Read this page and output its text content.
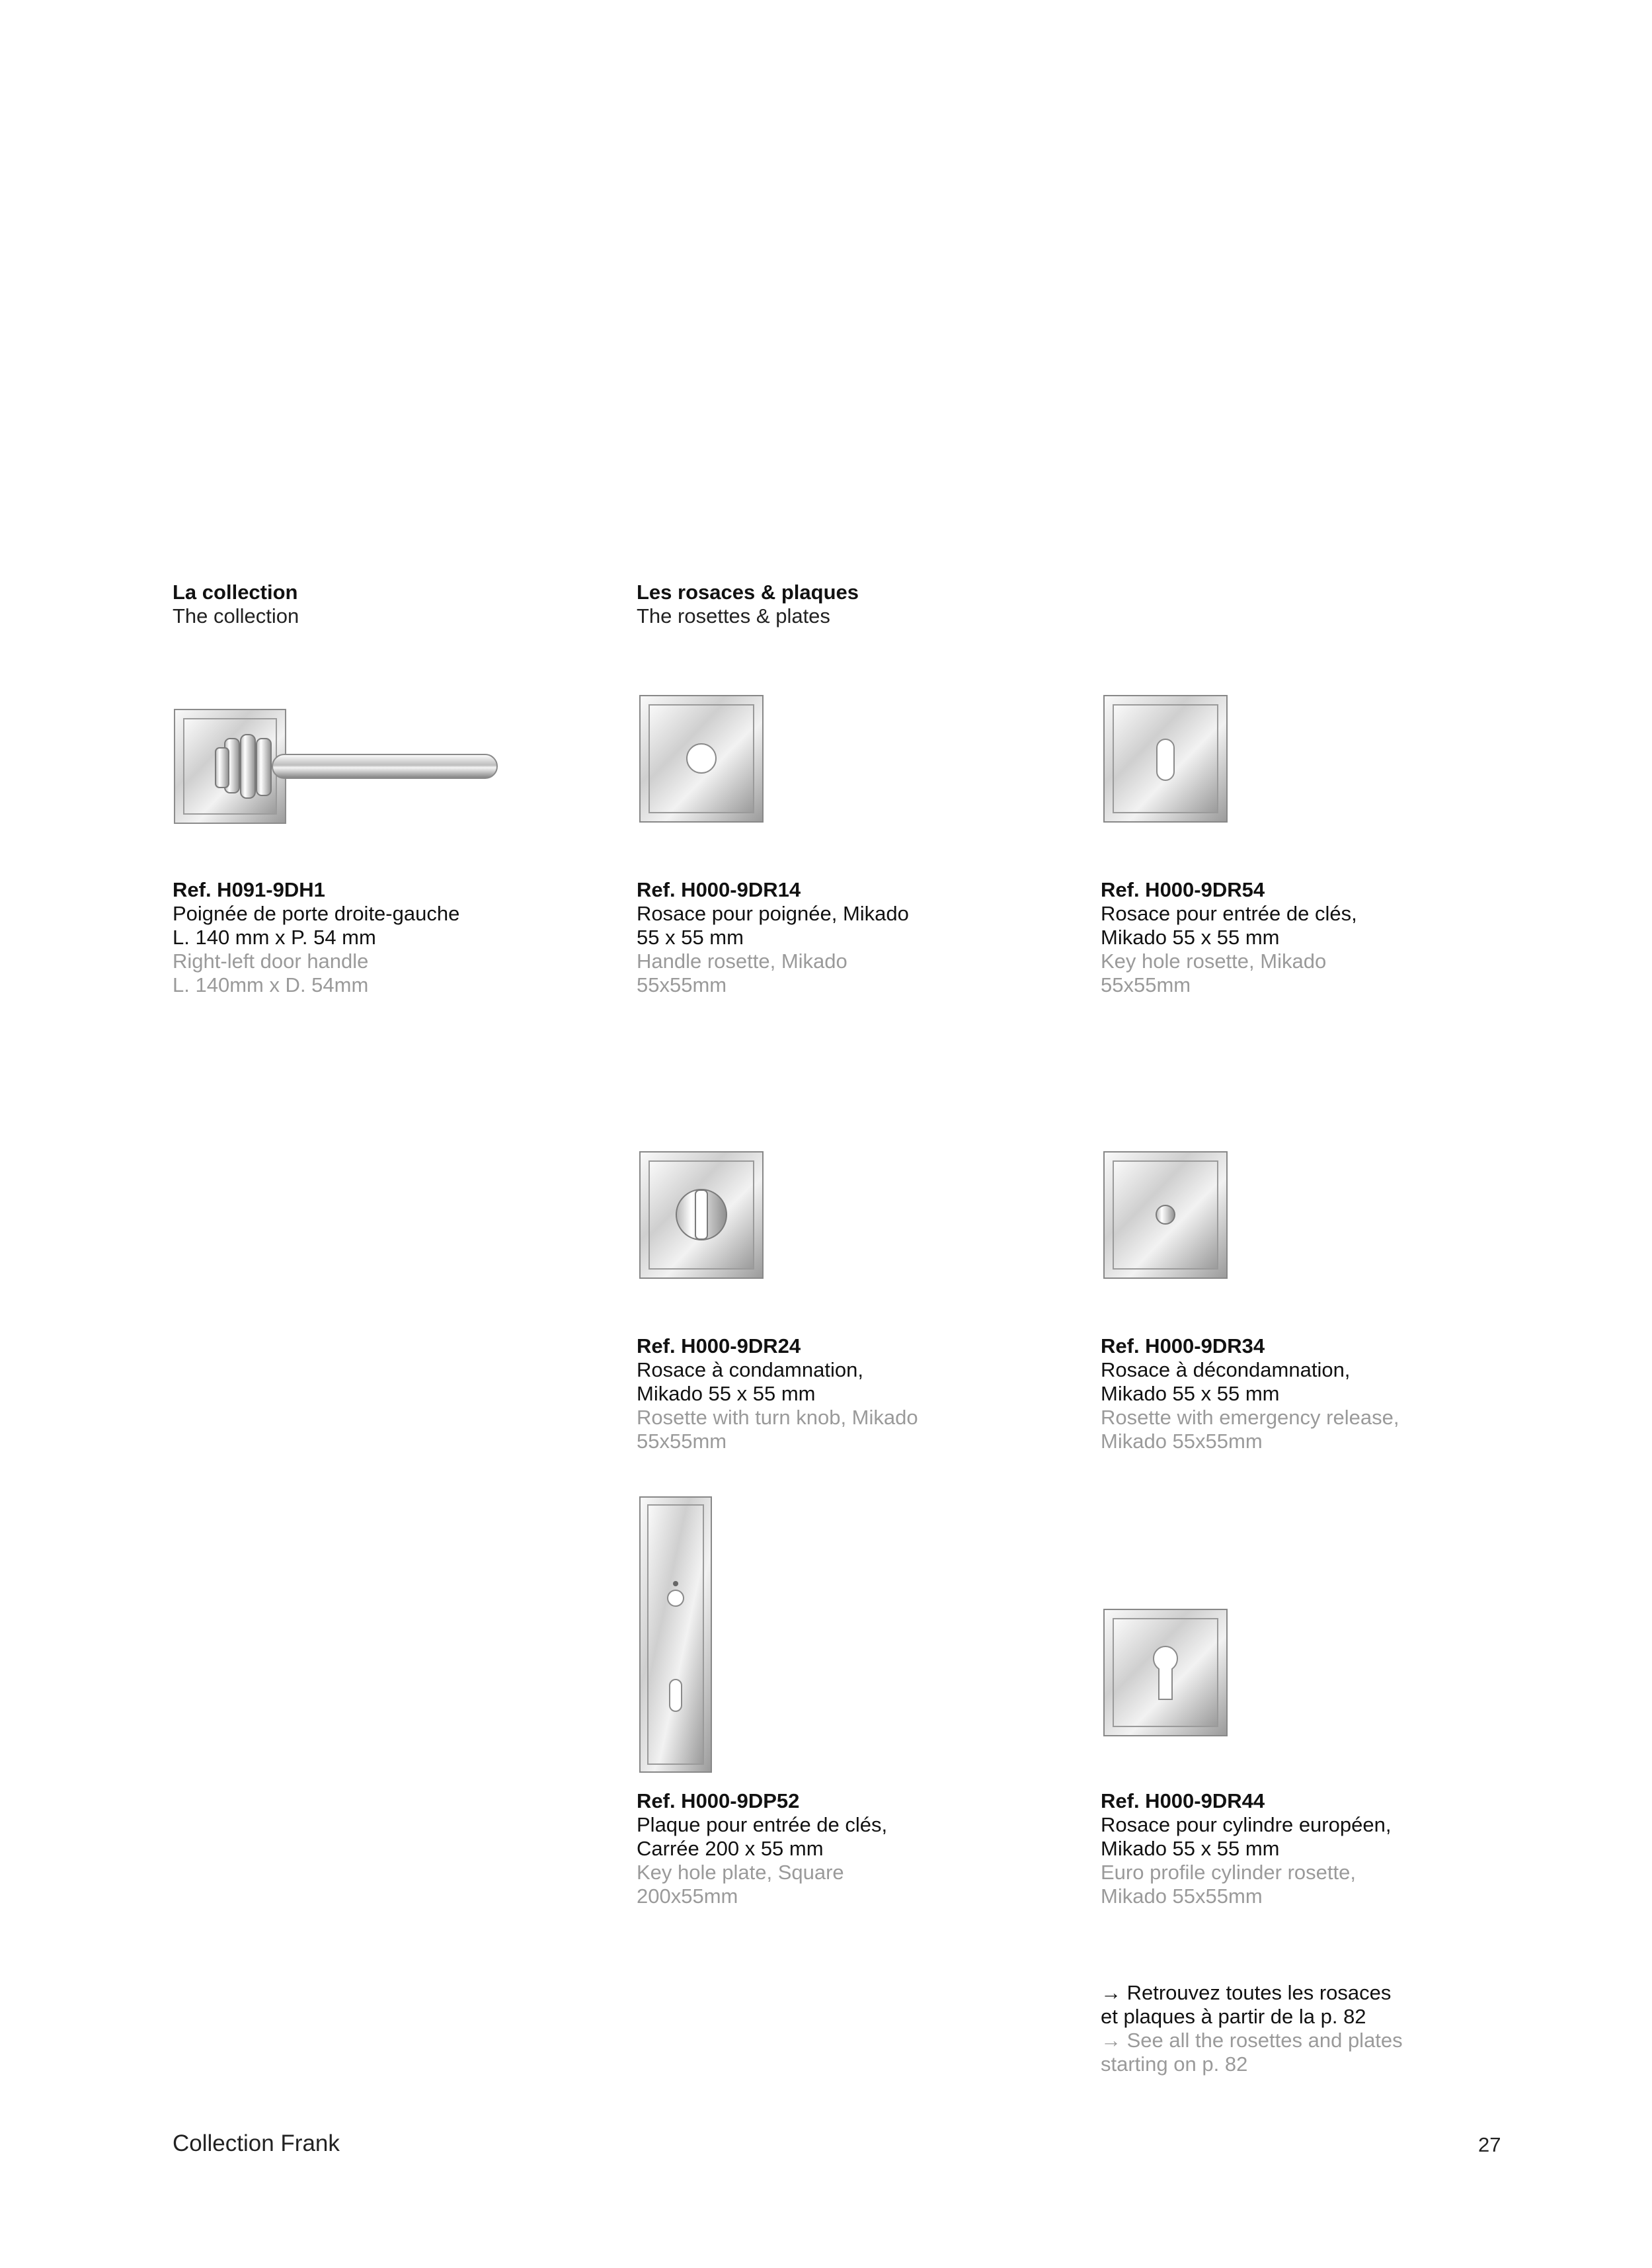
La collection
The collection
Les rosaces & plaques
The rosettes & plates
Ref. H091-9DH1
Poignée de porte droite-gauche
L. 140 mm x P. 54 mm
Right-left door handle
L. 140mm x D. 54mm
Ref. H000-9DR14
Rosace pour poignée, Mikado
55 x 55 mm
Handle rosette, Mikado
55x55mm
Ref. H000-9DR54
Rosace pour entrée de clés,
Mikado 55 x 55 mm
Key hole rosette, Mikado
55x55mm
Ref. H000-9DR24
Rosace à condamnation,
Mikado 55 x 55 mm
Rosette with turn knob, Mikado
55x55mm
Ref. H000-9DR34
Rosace à décondamnation,
Mikado 55 x 55 mm
Rosette with emergency release,
Mikado 55x55mm
Ref. H000-9DP52
Plaque pour entrée de clés,
Carrée 200 x 55 mm
Key hole plate, Square
200x55mm
Ref. H000-9DR44
Rosace pour cylindre européen,
Mikado 55 x 55 mm
Euro profile cylinder rosette,
Mikado 55x55mm
→ Retrouvez toutes les rosaces
et plaques à partir de la p. 82
→ See all the rosettes and plates
starting on p. 82
Collection Frank	27
